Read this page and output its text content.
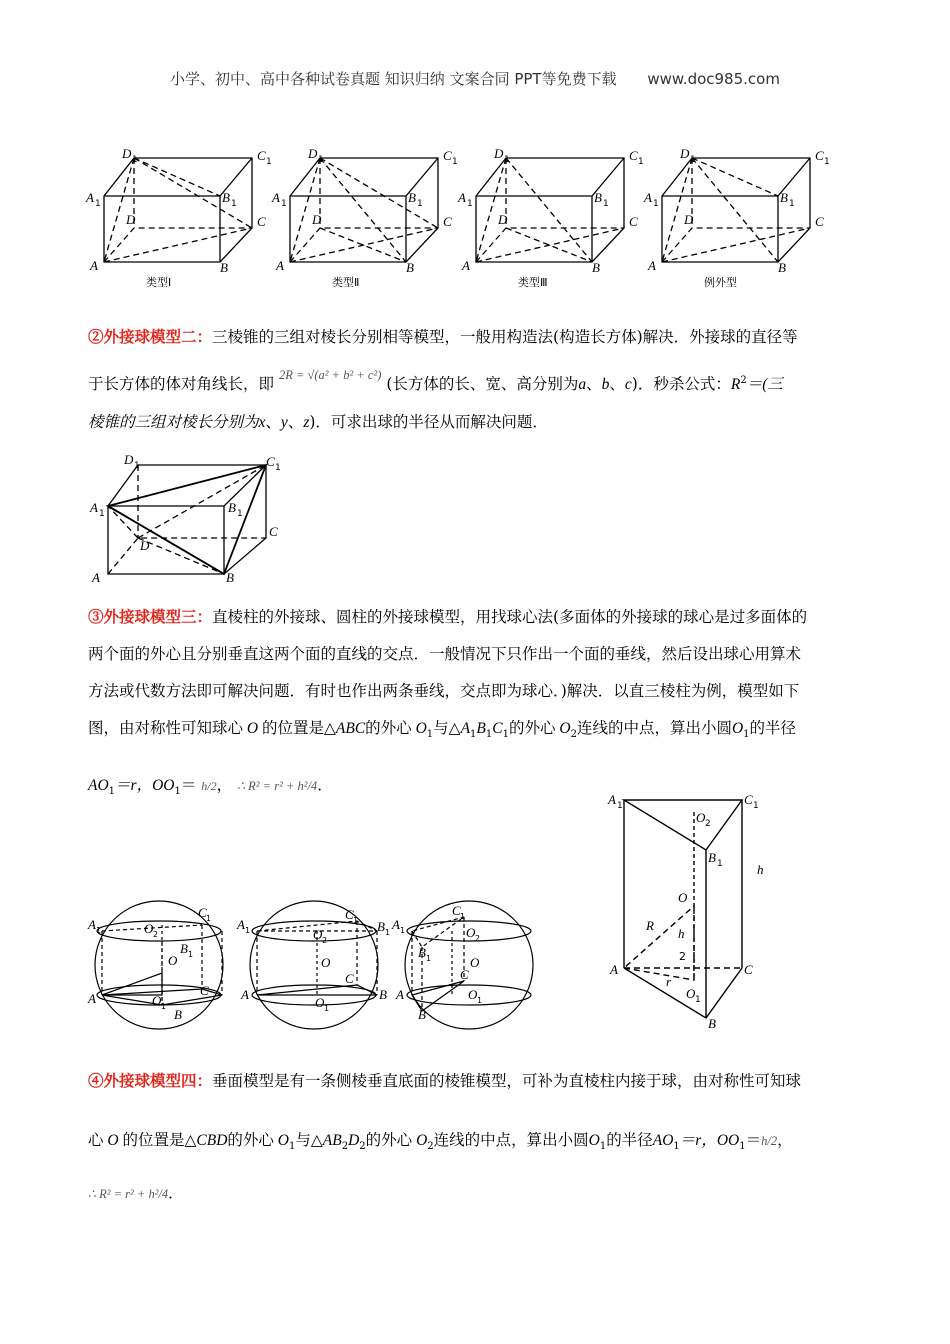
小学、初中、高中各种试卷真题 知识归纳 文案合同 PPT等免费下载 www.doc985.com
D 1	C 1
A 1	B 1
D	C
A	B
D 1	C 1
A 1	B 1
D	C
A	B
D 1	C 1
A 1	B 1
D	C
A	B
D 1	C 1
A 1	B 1
D	C
A	B
类型Ⅰ	类型Ⅱ	类型Ⅲ	例外型
②外接球模型二：三棱锥的三组对棱长分别相等模型，一般用构造法(构造长方体)解决．外接球的直径等
于长方体的体对角线长，即 $^{2R = √(a^2 + b^2 + c^2)}$ (长方体的长、宽、高分别为a、b、c)．秒杀公式：$R^2=$(三
棱锥的三组对棱长分别为x、y、z)．可求出球的半径从而解决问题．
D 1	C 1
A 1	B 1
D
C
A	B
③外接球模型三：直棱柱的外接球、圆柱的外接球模型，用找球心法(多面体的外接球的球心是过多面体的
两个面的外心且分别垂直这两个面的直线的交点．一般情况下只作出一个面的垂线，然后设出球心用算术
方法或代数方法即可解决问题．有时也作出两条垂线，交点即为球心．)解决．以直三棱柱为例，模型如下
图，由对称性可知球心 O 的位置是△ABC的外心 $O_1$与$\triangle A_1B_1C_1$的外心 $O_2$连线的中点，算出小圆$O_1$的半径
$AO_1=r$，$OO_1= h/2$， ∴ R² = r² + h²/4．
A 1	O 2
C 1
B 1
O
A	O 1
C
B
A 1	O 2
C 1 B 1
O
A
O 1
C
B
A 1
C 1
O 2
B 1	O
A
C
O 1
B
A 1	C 1
O 2
B 1	h
O
R
h
2
A	C
r
O 1
B
④外接球模型四：垂面模型是有一条侧棱垂直底面的棱锥模型，可补为直棱柱内接于球，由对称性可知球
心 O 的位置是△CBD的外心 $O_1$与$\triangle AB_2D_2$的外心 $O_2$连线的中点，算出小圆$O_1$的半径$AO_1=r$，$OO_1=h/2$，
∴ R² = r² + h²/4．
